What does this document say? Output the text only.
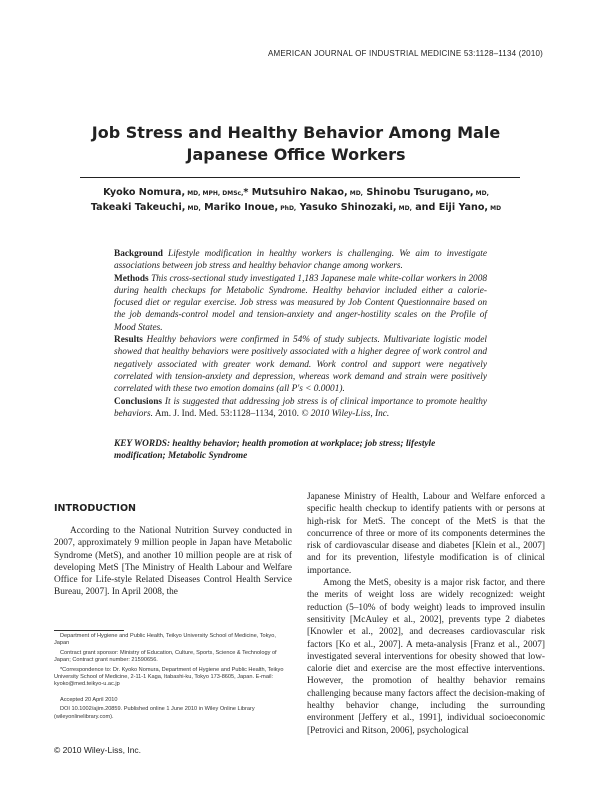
AMERICAN JOURNAL OF INDUSTRIAL MEDICINE 53:1128–1134 (2010)
Job Stress and Healthy Behavior Among Male
Japanese Office Workers
Kyoko Nomura, MD, MPH, DMSc,* Mutsuhiro Nakao, MD, Shinobu Tsurugano, MD,
Takeaki Takeuchi, MD, Mariko Inoue, PhD, Yasuko Shinozaki, MD, and Eiji Yano, MD

Background Lifestyle modification in healthy workers is challenging. We aim to investigate associations between job stress and healthy behavior change among workers.

Methods This cross-sectional study investigated 1,183 Japanese male white-collar workers in 2008 during health checkups for Metabolic Syndrome. Healthy behavior included either a calorie-focused diet or regular exercise. Job stress was measured by Job Content Questionnaire based on the job demands-control model and tension-anxiety and anger-hostility scales on the Profile of Mood States.

Results Healthy behaviors were confirmed in 54% of study subjects. Multivariate logistic model showed that healthy behaviors were positively associated with a higher degree of work control and negatively associated with greater work demand. Work control and support were negatively correlated with tension-anxiety and depression, whereas work demand and strain were positively correlated with these two emotion domains (all P's < 0.0001).

Conclusions It is suggested that addressing job stress is of clinical importance to promote healthy behaviors. Am. J. Ind. Med. 53:1128–1134, 2010. © 2010 Wiley-Liss, Inc.

KEY WORDS: healthy behavior; health promotion at workplace; job stress; lifestyle modification; Metabolic Syndrome
INTRODUCTION

According to the National Nutrition Survey conducted in 2007, approximately 9 million people in Japan have Metabolic Syndrome (MetS), and another 10 million people are at risk of developing MetS [The Ministry of Health Labour and Welfare Office for Life-style Related Diseases Control Health Service Bureau, 2007]. In April 2008, the

Japanese Ministry of Health, Labour and Welfare enforced a specific health checkup to identify patients with or persons at high-risk for MetS. The concept of the MetS is that the concurrence of three or more of its components determines the risk of cardiovascular disease and diabetes [Klein et al., 2007] and for its prevention, lifestyle modification is of clinical importance.

Among the MetS, obesity is a major risk factor, and there the merits of weight loss are widely recognized: weight reduction (5–10% of body weight) leads to improved insulin sensitivity [McAuley et al., 2002], prevents type 2 diabetes [Knowler et al., 2002], and decreases cardiovascular risk factors [Ko et al., 2007]. A meta-analysis [Franz et al., 2007] investigated several interventions for obesity showed that low-calorie diet and exercise are the most effective interventions. However, the promotion of healthy behavior remains challenging because many factors affect the decision-making of healthy behavior change, including the surrounding environment [Jeffery et al., 1991], individual socioeconomic [Petrovici and Ritson, 2006], psychological

Department of Hygiene and Public Health, Teikyo University School of Medicine, Tokyo, Japan

Contract grant sponsor: Ministry of Education, Culture, Sports, Science & Technology of Japan; Contract grant number: 21590656.

*Correspondence to: Dr. Kyoko Nomura, Department of Hygiene and Public Health, Teikyo University School of Medicine, 2-11-1 Kaga, Itabashi-ku, Tokyo 173-8605, Japan. E-mail: kyoko@med.teikyo-u.ac.jp

Accepted 20 April 2010

DOI 10.1002/ajim.20859. Published online 1 June 2010 in Wiley Online Library (wileyonlinelibrary.com).

© 2010 Wiley-Liss, Inc.
